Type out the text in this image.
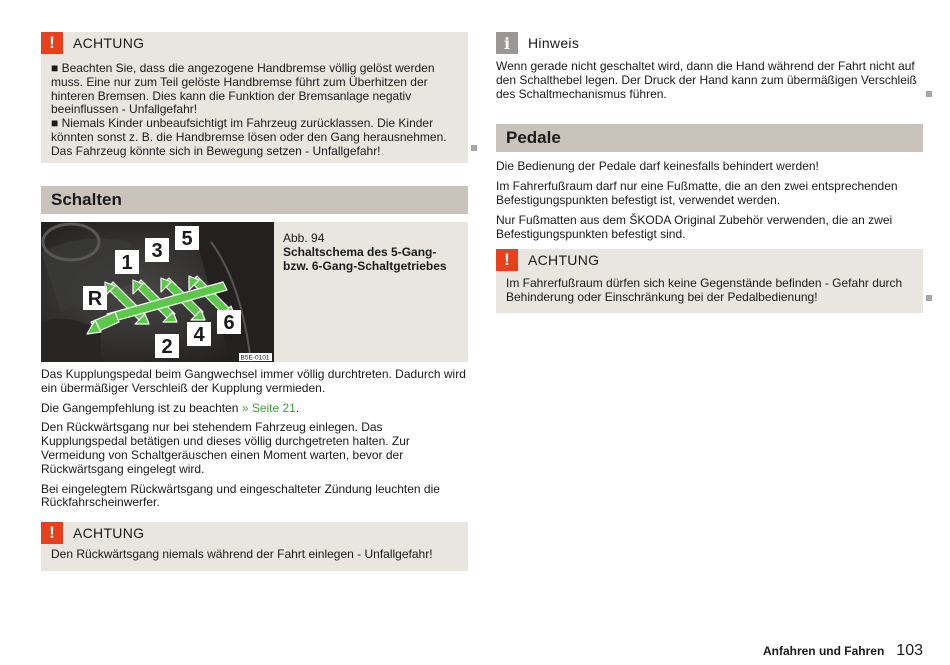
!	ACHTUNG

■ Beachten Sie, dass die angezogene Handbremse völlig gelöst werden muss. Eine nur zum Teil gelöste Handbremse führt zum Überhitzen der hinteren Bremsen. Dies kann die Funktion der Bremsanlage negativ beeinflussen - Unfallgefahr!

■ Niemals Kinder unbeaufsichtigt im Fahrzeug zurücklassen. Die Kinder könnten sonst z. B. die Handbremse lösen oder den Gang herausnehmen. Das Fahrzeug könnte sich in Bewegung setzen - Unfallgefahr!

Schalten
1
3
5
R
2
4
6
B5E-0101
Abb. 94
Schaltschema des 5-Gang- bzw. 6-Gang-Schaltgetriebes

Das Kupplungspedal beim Gangwechsel immer völlig durchtreten. Dadurch wird ein übermäßiger Verschleiß der Kupplung vermieden.

Die Gangempfehlung ist zu beachten » Seite 21.

Den Rückwärtsgang nur bei stehendem Fahrzeug einlegen. Das Kupplungspedal betätigen und dieses völlig durchgetreten halten. Zur Vermeidung von Schaltgeräuschen einen Moment warten, bevor der Rückwärtsgang eingelegt wird.

Bei eingelegtem Rückwärtsgang und eingeschalteter Zündung leuchten die Rückfahrscheinwerfer.

!	ACHTUNG
Den Rückwärtsgang niemals während der Fahrt einlegen - Unfallgefahr!
i	Hinweis
Wenn gerade nicht geschaltet wird, dann die Hand während der Fahrt nicht auf den Schalthebel legen. Der Druck der Hand kann zum übermäßigen Verschleiß des Schaltmechanismus führen.
Pedale

Die Bedienung der Pedale darf keinesfalls behindert werden!

Im Fahrerfußraum darf nur eine Fußmatte, die an den zwei entsprechenden Befestigungspunkten befestigt ist, verwendet werden.

Nur Fußmatten aus dem ŠKODA Original Zubehör verwenden, die an zwei Befestigungspunkten befestigt sind.

!	ACHTUNG
Im Fahrerfußraum dürfen sich keine Gegenstände befinden - Gefahr durch Behinderung oder Einschränkung bei der Pedalbedienung!
Anfahren und Fahren 103
